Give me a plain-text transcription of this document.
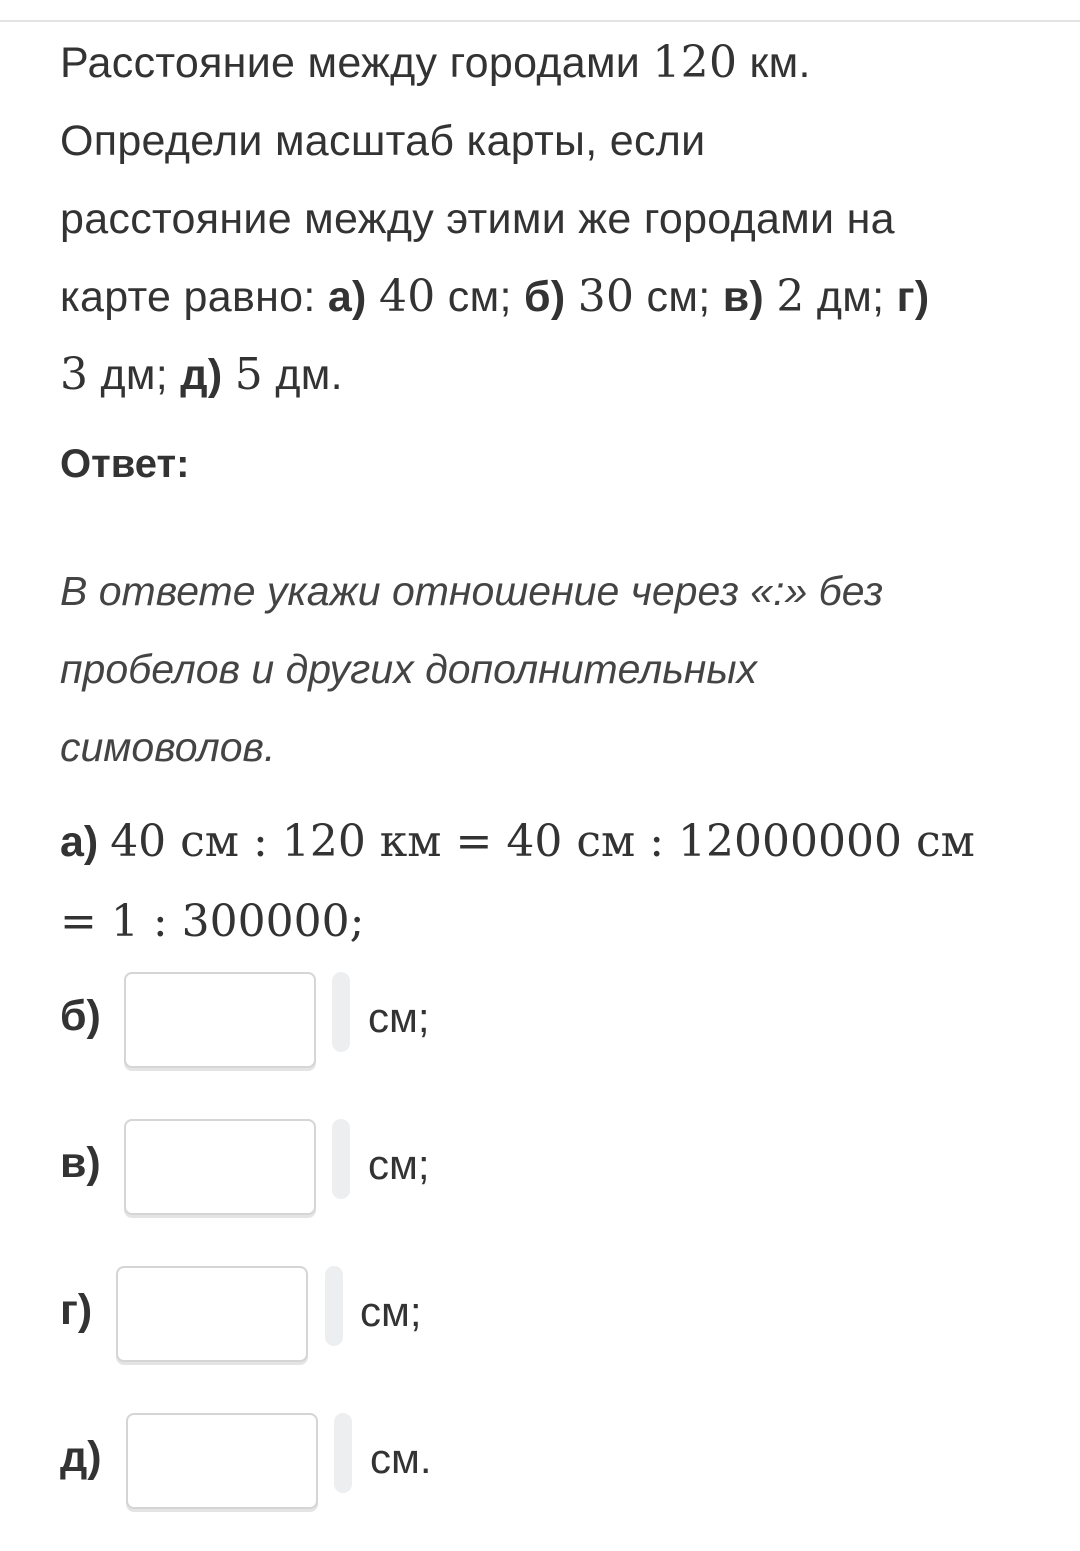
Расстояние между городами 120 км.
Определи масштаб карты, если
расстояние между этими же городами на
карте равно: а) 40 см; б) 30 см; в) 2 дм; г)
3 дм; д) 5 дм.

Ответ:

В ответе укажи отношение через «:» без
пробелов и других дополнительных
симоволов.

а) 40 см : 120 км = 40 см : 12000000 см
= 1 : 300000;

б)	см;
в)	см;
г)	см;
д)	см.
